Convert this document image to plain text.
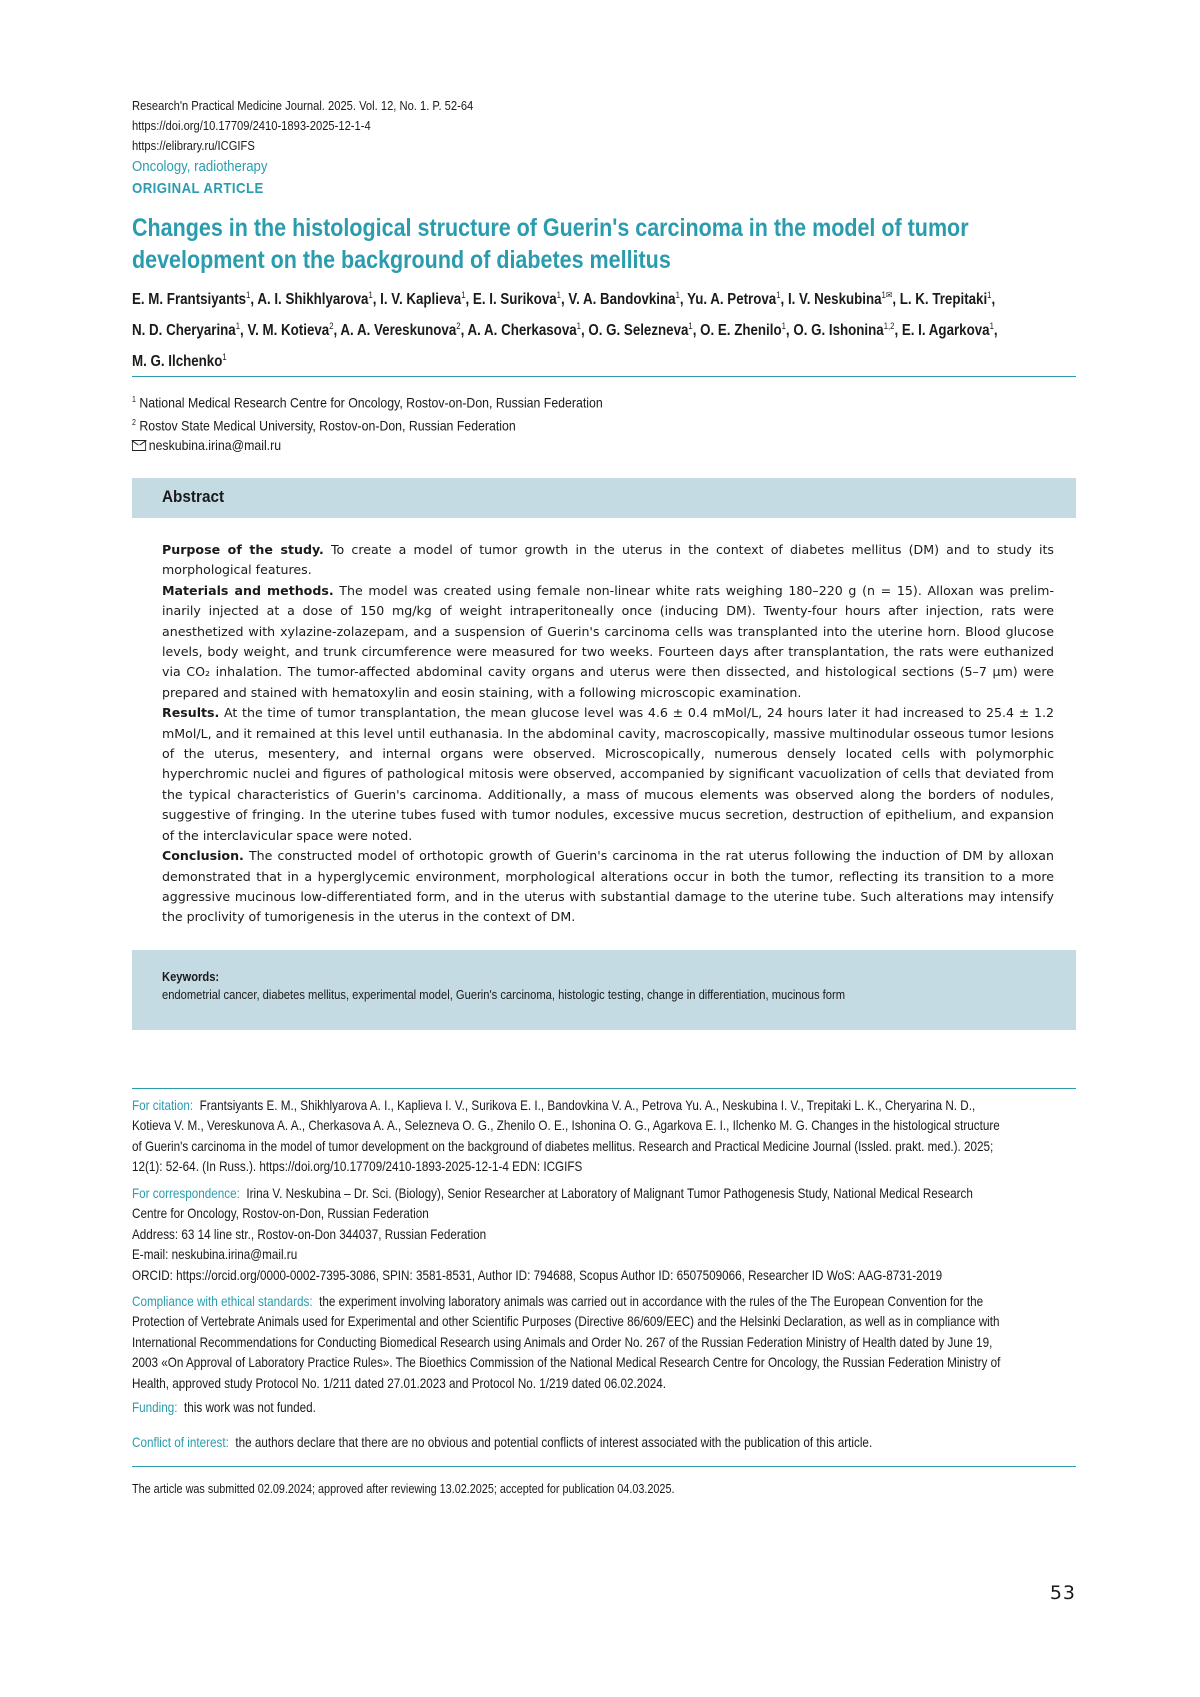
Research'n Practical Medicine Journal. 2025. Vol. 12, No. 1. P. 52-64
https://doi.org/10.17709/2410-1893-2025-12-1-4
https://elibrary.ru/ICGIFS
Oncology, radiotherapy
ORIGINAL ARTICLE
Changes in the histological structure of Guerin's carcinoma in the model of tumor development on the background of diabetes mellitus
E. M. Frantsiyants$^1$, A. I. Shikhlyarova$^1$, I. V. Kaplieva$^1$, E. I. Surikova$^1$, V. A. Bandovkina$^1$, Yu. A. Petrova$^1$, I. V. Neskubina$^{1✉}$, L. K. Trepitaki$^1$, N. D. Cheryarina$^1$, V. M. Kotieva$^2$, A. A. Vereskunova$^2$, A. A. Cherkasova$^1$, O. G. Selezneva$^1$, O. E. Zhenilo$^1$, O. G. Ishonina$^{1,2}$, E. I. Agarkova$^1$, M. G. Ilchenko$^1$
$^1$ National Medical Research Centre for Oncology, Rostov-on-Don, Russian Federation
$^2$ Rostov State Medical University, Rostov-on-Don, Russian Federation
neskubina.irina@mail.ru
Abstract

Purpose of the study. To create a model of tumor growth in the uterus in the context of diabetes mellitus (DM) and to study its morphological features.

Materials and methods. The model was created using female non-linear white rats weighing 180–220 g (n = 15). Alloxan was preliminarily injected at a dose of 150 mg/kg of weight intraperitoneally once (inducing DM). Twenty-four hours after injection, rats were anesthetized with xylazine-zolazepam, and a suspension of Guerin's carcinoma cells was transplanted into the uterine horn. Blood glucose levels, body weight, and trunk circumference were measured for two weeks. Fourteen days after transplantation, the rats were euthanized via CO₂ inhalation. The tumor-affected abdominal cavity organs and uterus were then dissected, and histological sections (5–7 μm) were prepared and stained with hematoxylin and eosin staining, with a following microscopic examination.

Results. At the time of tumor transplantation, the mean glucose level was 4.6 ± 0.4 mMol/L, 24 hours later it had increased to 25.4 ± 1.2 mMol/L, and it remained at this level until euthanasia. In the abdominal cavity, macroscopically, massive multinodular osseous tumor lesions of the uterus, mesentery, and internal organs were observed. Microscopically, numerous densely located cells with polymorphic hyperchromic nuclei and figures of pathological mitosis were observed, accompanied by significant vacuolization of cells that deviated from the typical characteristics of Guerin's carcinoma. Additionally, a mass of mucous elements was observed along the borders of nodules, suggestive of fringing. In the uterine tubes fused with tumor nodules, excessive mucus secretion, destruction of epithelium, and expansion of the interclavicular space were noted.

Conclusion. The constructed model of orthotopic growth of Guerin's carcinoma in the rat uterus following the induction of DM by alloxan demonstrated that in a hyperglycemic environment, morphological alterations occur in both the tumor, reflecting its transition to a more aggressive mucinous low-differentiated form, and in the uterus with substantial damage to the uterine tube. Such alterations may intensify the proclivity of tumorigenesis in the uterus in the context of DM.

Keywords:
endometrial cancer, diabetes mellitus, experimental model, Guerin's carcinoma, histologic testing, change in differentiation, mucinous form

For citation: Frantsiyants E. M., Shikhlyarova A. I., Kaplieva I. V., Surikova E. I., Bandovkina V. A., Petrova Yu. A., Neskubina I. V., Trepitaki L. K., Cheryarina N. D., Kotieva V. M., Vereskunova A. A., Cherkasova A. A., Selezneva O. G., Zhenilo O. E., Ishonina O. G., Agarkova E. I., Ilchenko M. G. Changes in the histological structure of Guerin's carcinoma in the model of tumor development on the background of diabetes mellitus. Research and Practical Medicine Journal (Issled. prakt. med.). 2025; 12(1): 52-64. (In Russ.). https://doi.org/10.17709/2410-1893-2025-12-1-4 EDN: ICGIFS

For correspondence: Irina V. Neskubina – Dr. Sci. (Biology), Senior Researcher at Laboratory of Malignant Tumor Pathogenesis Study, National Medical Research Centre for Oncology, Rostov-on-Don, Russian Federation

Address: 63 14 line str., Rostov-on-Don 344037, Russian Federation

E-mail: neskubina.irina@mail.ru

ORCID: https://orcid.org/0000-0002-7395-3086, SPIN: 3581-8531, Author ID: 794688, Scopus Author ID: 6507509066, Researcher ID WoS: AAG-8731-2019

Compliance with ethical standards: the experiment involving laboratory animals was carried out in accordance with the rules of the The European Convention for the Protection of Vertebrate Animals used for Experimental and other Scientific Purposes (Directive 86/609/EEC) and the Helsinki Declaration, as well as in compliance with International Recommendations for Conducting Biomedical Research using Animals and Order No. 267 of the Russian Federation Ministry of Health dated by June 19, 2003 «On Approval of Laboratory Practice Rules». The Bioethics Commission of the National Medical Research Centre for Oncology, the Russian Federation Ministry of Health, approved study Protocol No. 1/211 dated 27.01.2023 and Protocol No. 1/219 dated 06.02.2024.

Funding: this work was not funded.

Conflict of interest: the authors declare that there are no obvious and potential conflicts of interest associated with the publication of this article.

The article was submitted 02.09.2024; approved after reviewing 13.02.2025; accepted for publication 04.03.2025.
53
